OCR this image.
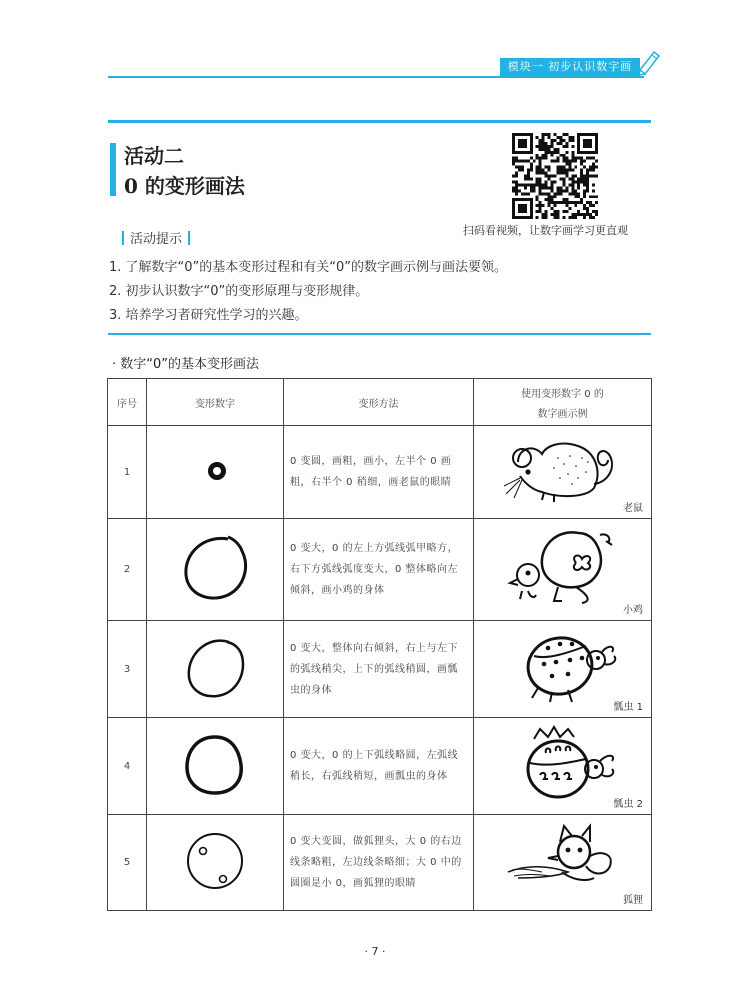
模块一 初步认识数字画
活动二
0 的变形画法
扫码看视频，让数字画学习更直观
活动提示
1. 了解数字“0”的基本变形过程和有关“0”的数字画示例与画法要领。
2. 初步认识数字“0”的变形原理与变形规律。
3. 培养学习者研究性学习的兴趣。
· 数字“0”的基本变形画法
序号	变形数字	变形方法	使用变形数字 0 的
数字画示例

1		0 变圆，画粗，画小，左半个 0 画粗，右半个 0 稍细，画老鼠的眼睛	老鼠

2		0 变大，0 的左上方弧线弧甲略方，右下方弧线弧度变大，0 整体略向左倾斜，画小鸡的身体	小鸡

3		0 变大，整体向右倾斜，右上与左下的弧线稍尖，上下的弧线稍圆，画瓢虫的身体	瓢虫 1

4		0 变大，0 的上下弧线略圆，左弧线稍长，右弧线稍短，画瓢虫的身体	瓢虫 2

5		0 变大变圆，做狐狸头，大 0 的右边线条略粗，左边线条略细；大 0 中的圆圈是小 0，画狐狸的眼睛	狐狸
· 7 ·
